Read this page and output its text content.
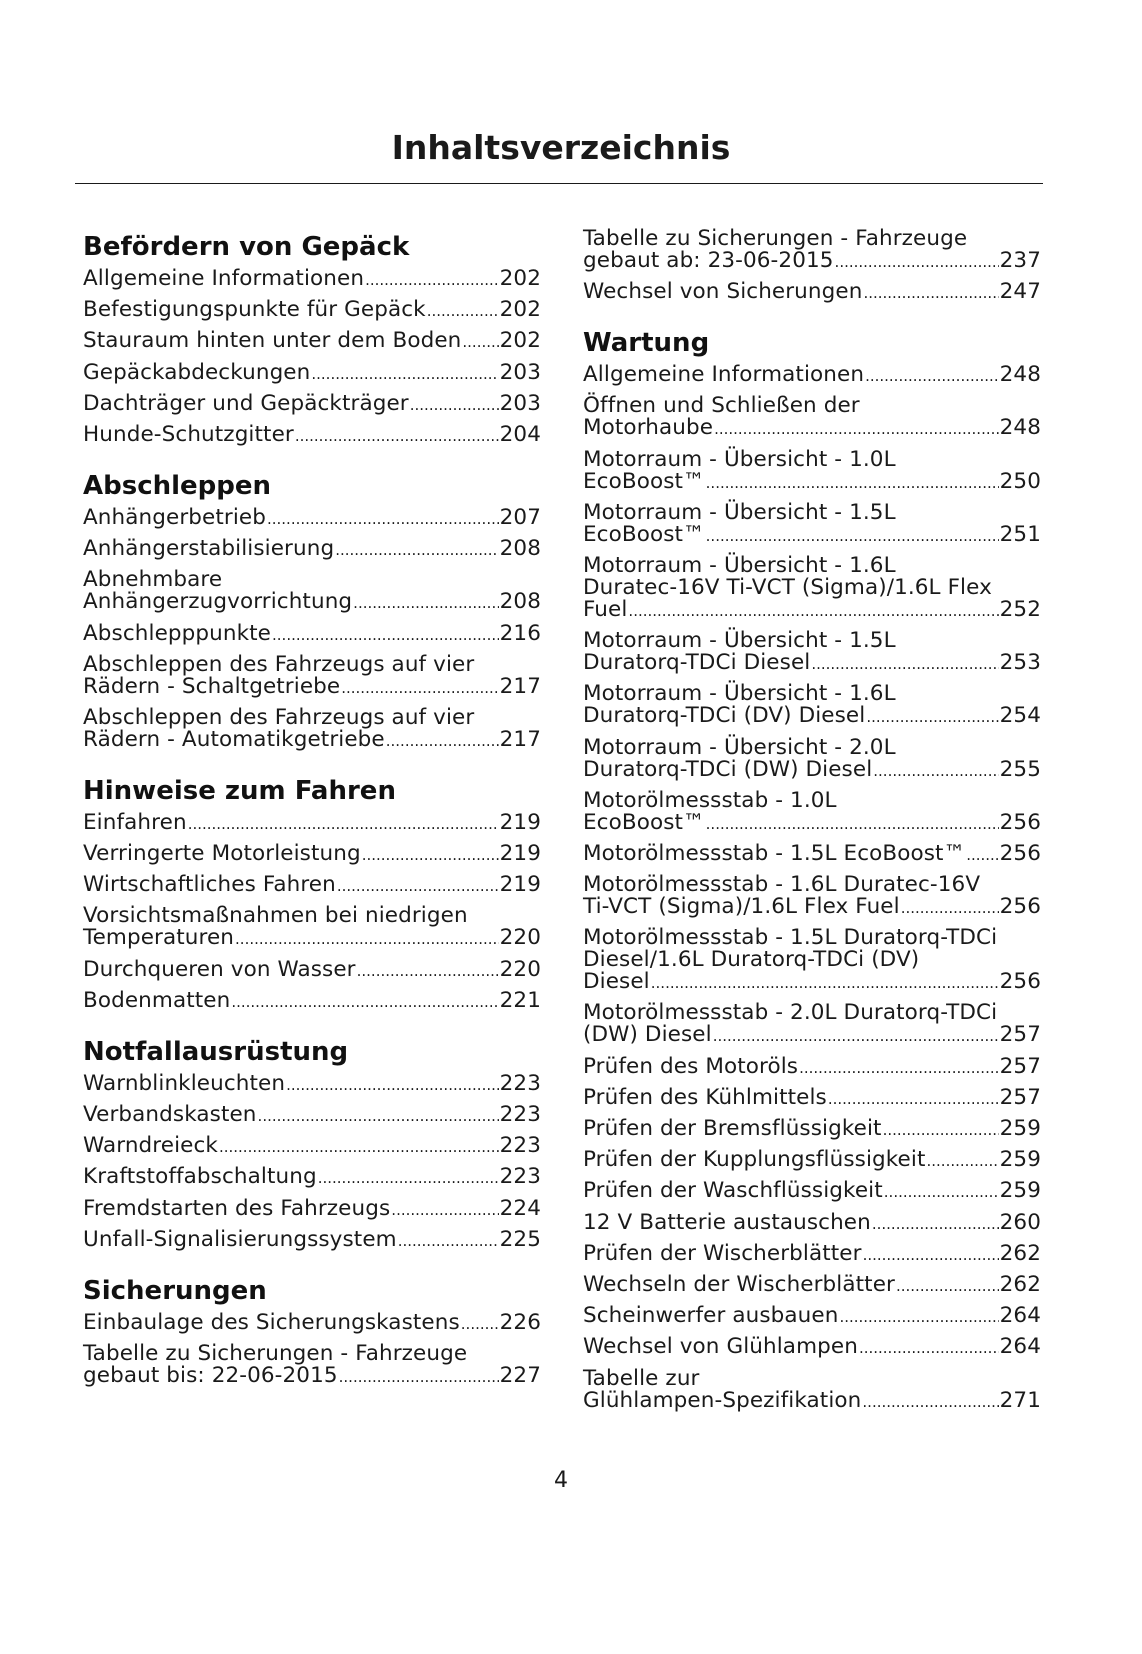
Inhaltsverzeichnis
Befördern von Gepäck
Allgemeine Informationen .....	202
Befestigungspunkte für Gepäck .....	202
Stauraum hinten unter dem Boden ..... 202
Gepäckabdeckungen .....	203
Dachträger und Gepäckträger .....	203
Hunde-Schutzgitter .....	204
Abschleppen
Anhängerbetrieb .....	207
Anhängerstabilisierung .....	208
Abnehmbare
Anhängerzugvorrichtung .....	208
Abschlepppunkte .....	216
Abschleppen des Fahrzeugs auf vier
Rädern - Schaltgetriebe .....	217
Abschleppen des Fahrzeugs auf vier
Rädern - Automatikgetriebe .....	217
Hinweise zum Fahren
Einfahren .....	219
Verringerte Motorleistung .....	219
Wirtschaftliches Fahren .....	219
Vorsichtsmaßnahmen bei niedrigen
Temperaturen .....	220
Durchqueren von Wasser .....	220
Bodenmatten .....	221
Notfallausrüstung
Warnblinkleuchten .....	223
Verbandskasten .....	223
Warndreieck .....	223
Kraftstoffabschaltung .....	223
Fremdstarten des Fahrzeugs .....	224
Unfall-Signalisierungssystem .....	225
Sicherungen
Einbaulage des Sicherungskastens ..... 226
Tabelle zu Sicherungen - Fahrzeuge
gebaut bis: 22-06-2015 .....	227
Tabelle zu Sicherungen - Fahrzeuge
gebaut ab: 23-06-2015 .....	237
Wechsel von Sicherungen .....	247
Wartung
Allgemeine Informationen .....	248
Öffnen und Schließen der
Motorhaube .....	248
Motorraum - Übersicht - 1.0L
EcoBoost™ .....	250
Motorraum - Übersicht - 1.5L
EcoBoost™ .....	251
Motorraum - Übersicht - 1.6L
Duratec-16V Ti-VCT (Sigma)/1.6L Flex
Fuel .....	252
Motorraum - Übersicht - 1.5L
Duratorq-TDCi Diesel .....	253
Motorraum - Übersicht - 1.6L
Duratorq-TDCi (DV) Diesel .....	254
Motorraum - Übersicht - 2.0L
Duratorq-TDCi (DW) Diesel .....	255
Motorölmessstab - 1.0L
EcoBoost™ .....	256
Motorölmessstab - 1.5L EcoBoost™ ..... 256
Motorölmessstab - 1.6L Duratec-16V
Ti-VCT (Sigma)/1.6L Flex Fuel .....	256
Motorölmessstab - 1.5L Duratorq-TDCi
Diesel/1.6L Duratorq-TDCi (DV)
Diesel .....	256
Motorölmessstab - 2.0L Duratorq-TDCi
(DW) Diesel .....	257
Prüfen des Motoröls .....	257
Prüfen des Kühlmittels .....	257
Prüfen der Bremsflüssigkeit .....	259
Prüfen der Kupplungsflüssigkeit .....	259
Prüfen der Waschflüssigkeit .....	259
12 V Batterie austauschen .....	260
Prüfen der Wischerblätter .....	262
Wechseln der Wischerblätter .....	262
Scheinwerfer ausbauen .....	264
Wechsel von Glühlampen .....	264
Tabelle zur
Glühlampen-Spezifikation .....	271
4
